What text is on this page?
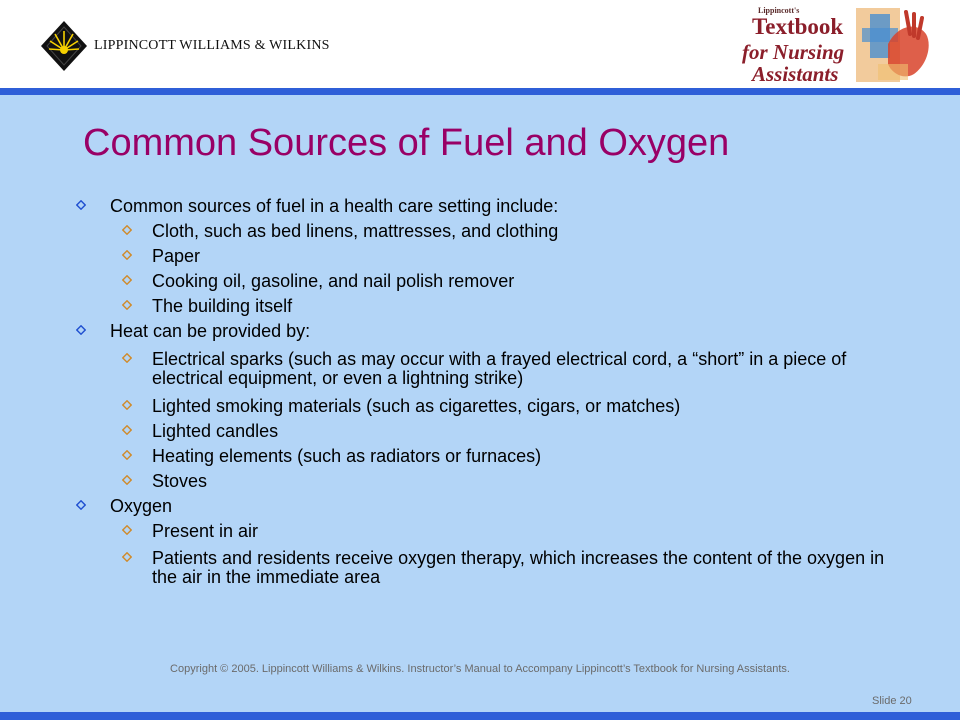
LIPPINCOTT WILLIAMS & WILKINS
Lippincott's
Textbook
for Nursing
Assistants
Common Sources of Fuel and Oxygen
Common sources of fuel in a health care setting include:
Cloth, such as bed linens, mattresses, and clothing
Paper
Cooking oil, gasoline, and nail polish remover
The building itself
Heat can be provided by:
Electrical sparks (such as may occur with a frayed electrical cord, a “short” in a piece of electrical equipment, or even a lightning strike)
Lighted smoking materials (such as cigarettes, cigars, or matches)
Lighted candles
Heating elements (such as radiators or furnaces)
Stoves
Oxygen
Present in air
Patients and residents receive oxygen therapy, which increases the content of the oxygen in the air in the immediate area
Copyright © 2005. Lippincott Williams & Wilkins. Instructor’s Manual to Accompany Lippincott’s Textbook for Nursing Assistants.
Slide 20
